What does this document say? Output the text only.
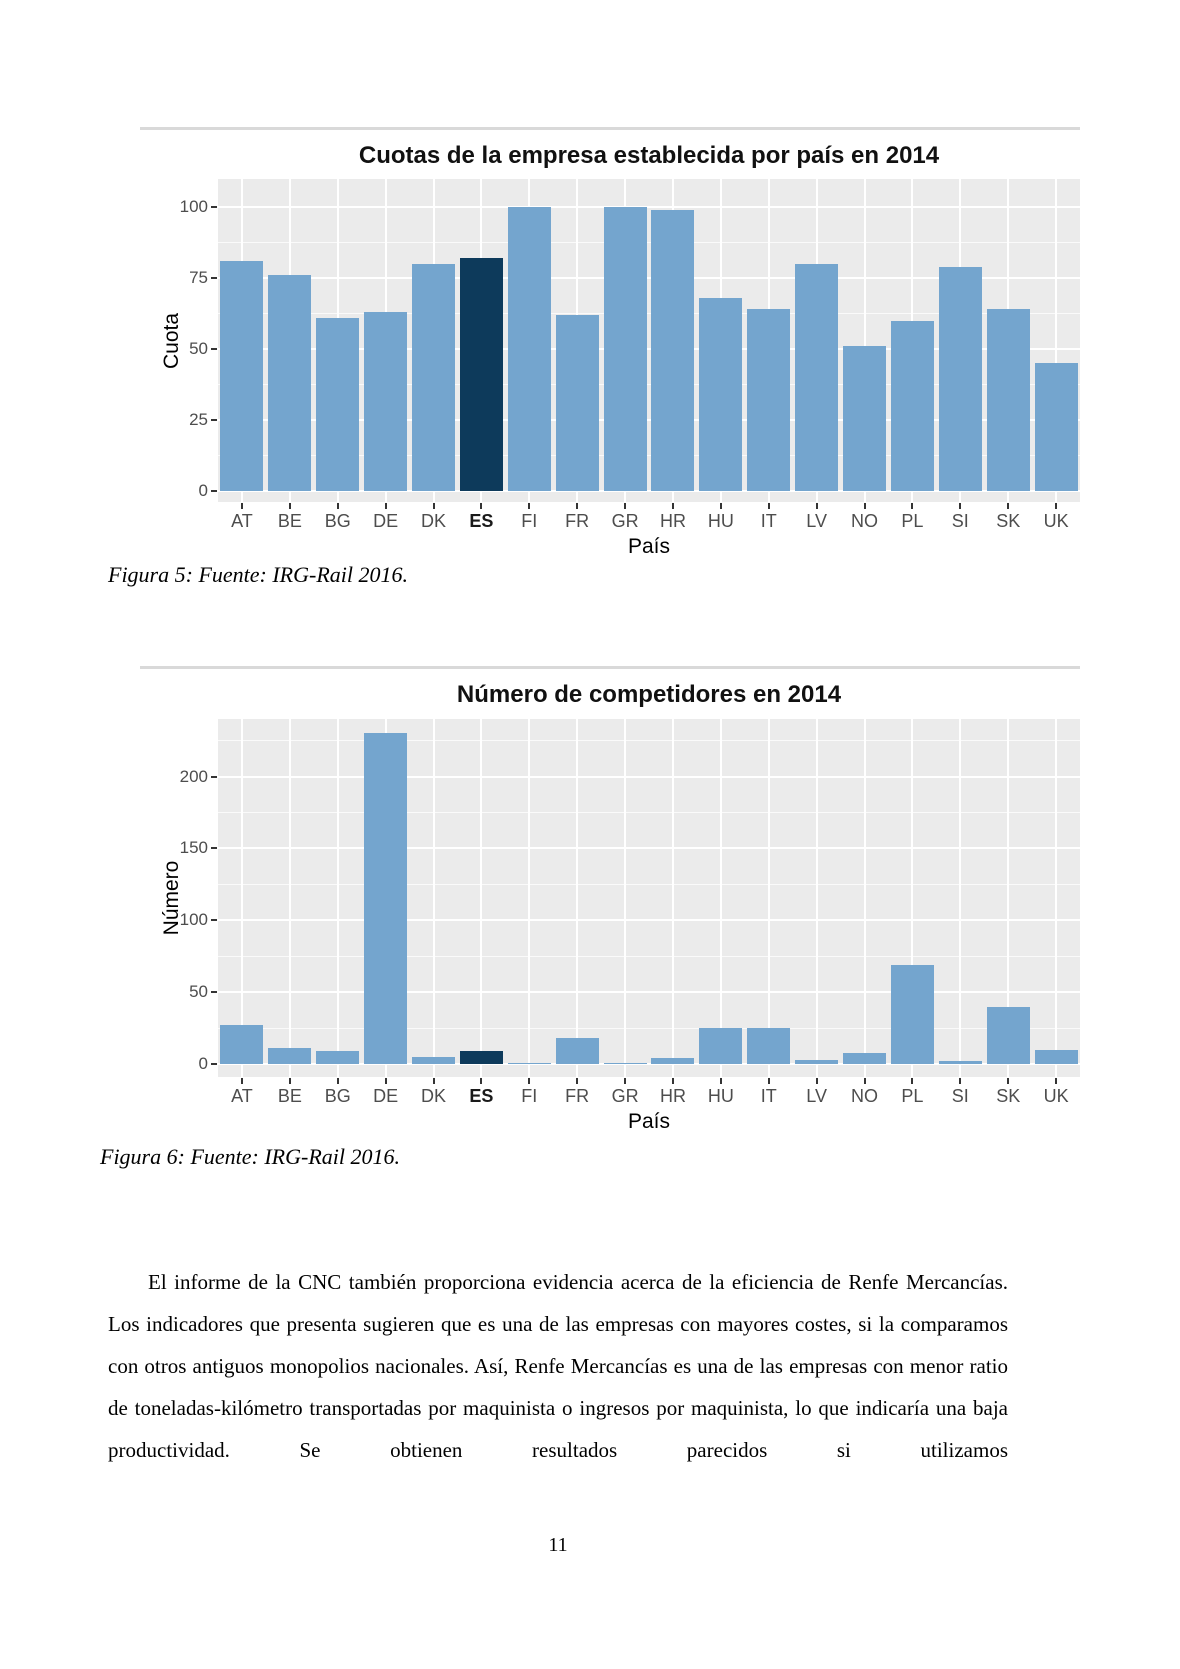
Cuotas de la empresa establecida por país en 2014
Cuota
AT	BE	BG	DE	DK	ES	FI	FR	GR	HR	HU	IT	LV	NO	PL	SI	SK	UK
País
0
25
50
75
100

Figura 5: Fuente: IRG-Rail 2016.

Número de competidores en 2014
Número
AT	BE	BG	DE	DK	ES	FI	FR	GR	HR	HU	IT	LV	NO	PL	SI	SK	UK
País
0
50
100
150
200

Figura 6: Fuente: IRG-Rail 2016.

El informe de la CNC también proporciona evidencia acerca de la eficiencia de Renfe Mercancías. Los indicadores que presenta sugieren que es una de las empresas con mayores costes, si la comparamos con otros antiguos monopolios nacionales. Así, Renfe Mercancías es una de las empresas con menor ratio de toneladas-kilómetro transportadas por maquinista o ingresos por maquinista, lo que indicaría una baja productividad. Se obtienen resultados parecidos si utilizamos

11
